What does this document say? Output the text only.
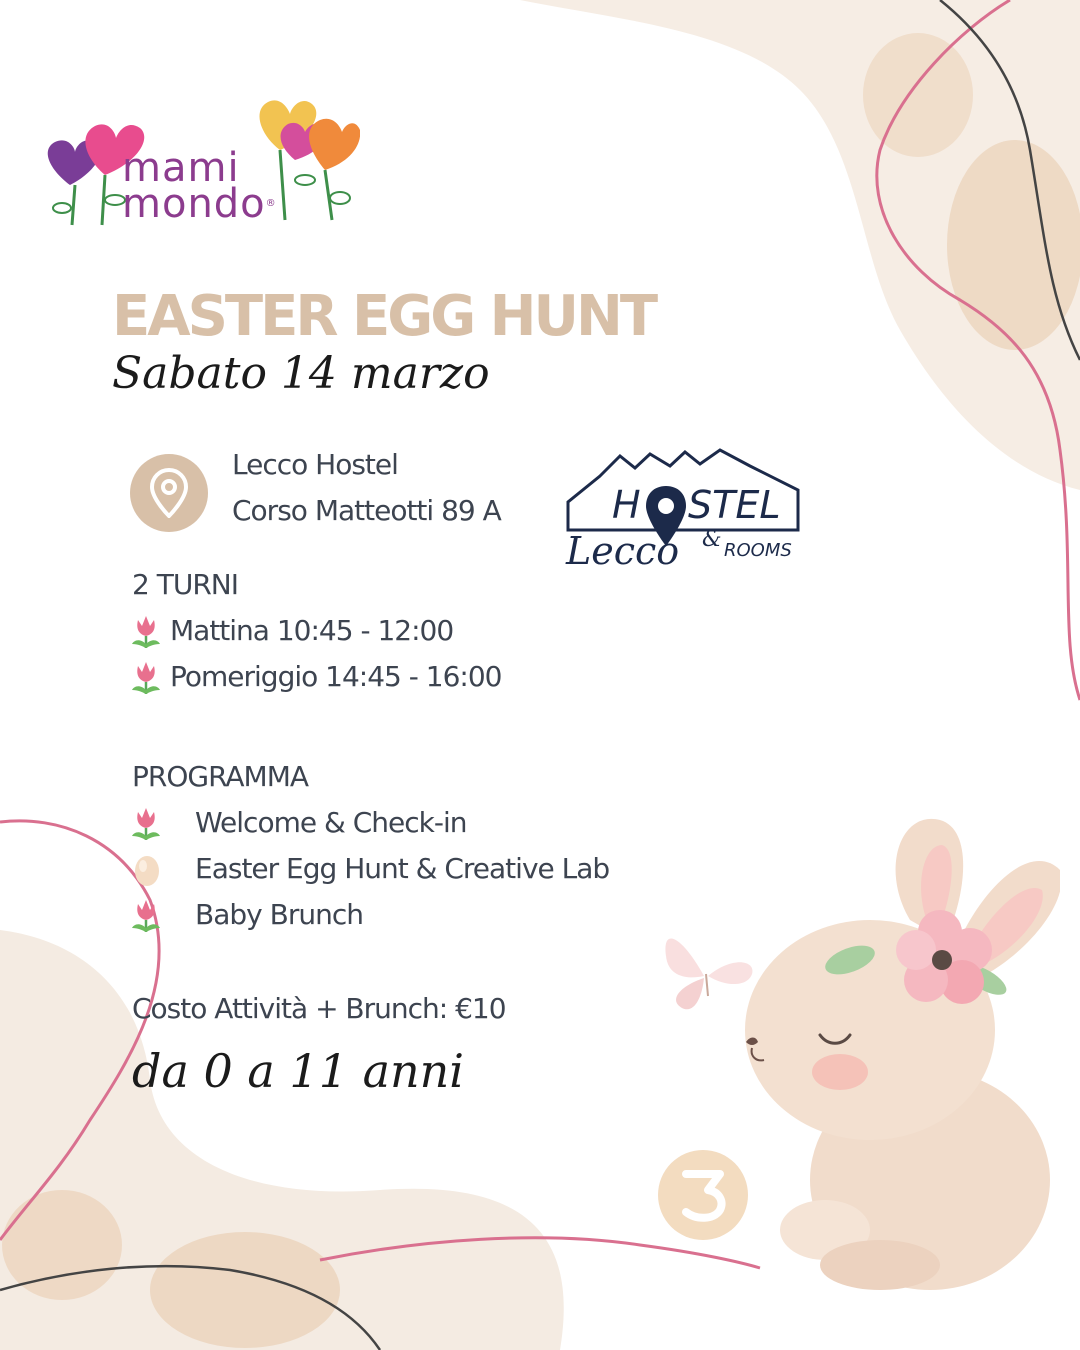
mami
mondo®
EASTER EGG HUNT
Sabato 14 marzo
Lecco Hostel
Corso Matteotti 89 A	H STEL
Lecco & ROOMS
2 TURNI
Mattina 10:45 - 12:00
Pomeriggio 14:45 - 16:00
PROGRAMMA
Welcome & Check-in
Easter Egg Hunt & Creative Lab
Baby Brunch
Costo Attività + Brunch: €10
da 0 a 11 anni
